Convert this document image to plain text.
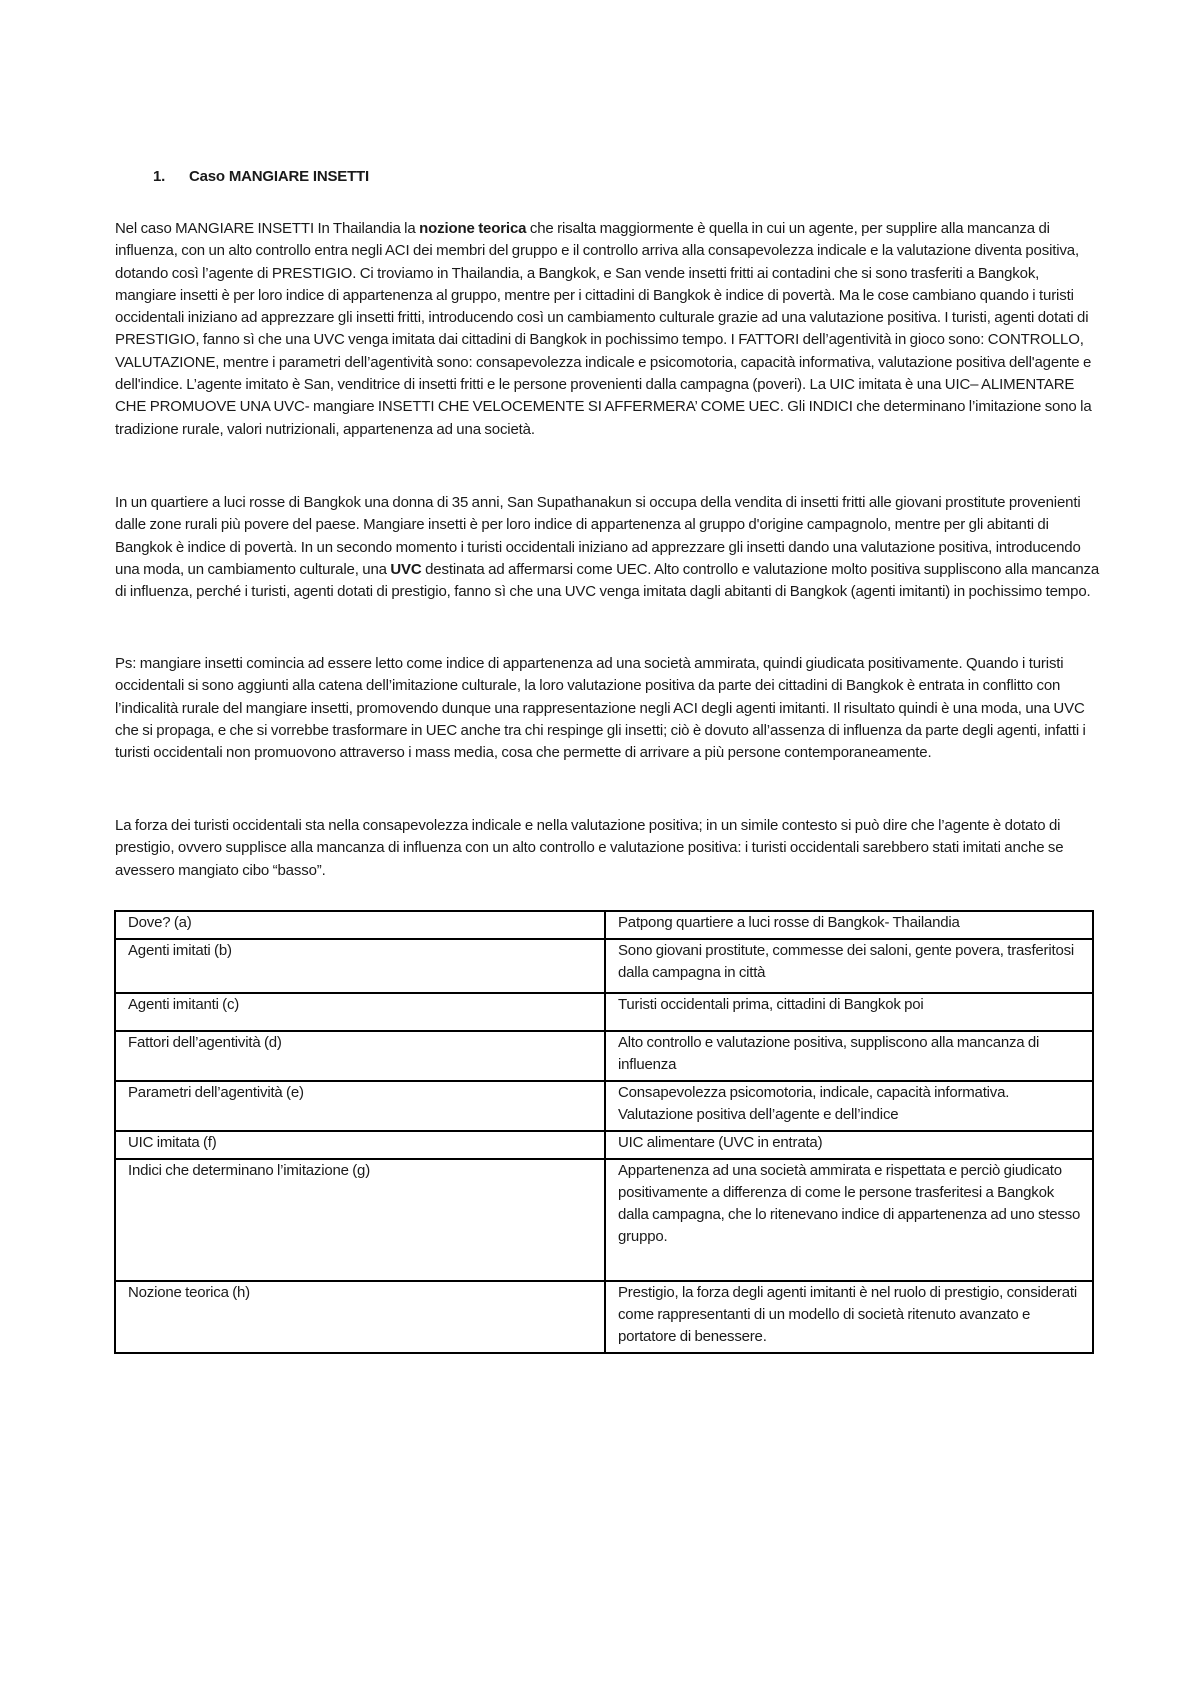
1. Caso MANGIARE INSETTI

Nel caso MANGIARE INSETTI In Thailandia la nozione teorica che risalta maggiormente è quella in cui un agente, per supplire alla mancanza di influenza, con un alto controllo entra negli ACI dei membri del gruppo e il controllo arriva alla consapevolezza indicale e la valutazione diventa positiva, dotando così l’agente di PRESTIGIO. Ci troviamo in Thailandia, a Bangkok, e San vende insetti fritti ai contadini che si sono trasferiti a Bangkok, mangiare insetti è per loro indice di appartenenza al gruppo, mentre per i cittadini di Bangkok è indice di povertà. Ma le cose cambiano quando i turisti occidentali iniziano ad apprezzare gli insetti fritti, introducendo così un cambiamento culturale grazie ad una valutazione positiva. I turisti, agenti dotati di PRESTIGIO, fanno sì che una UVC venga imitata dai cittadini di Bangkok in pochissimo tempo. I FATTORI dell’agentività in gioco sono: CONTROLLO, VALUTAZIONE, mentre i parametri dell’agentività sono: consapevolezza indicale e psicomotoria, capacità informativa, valutazione positiva dell'agente e dell'indice. L’agente imitato è San, venditrice di insetti fritti e le persone provenienti dalla campagna (poveri). La UIC imitata è una UIC– ALIMENTARE CHE PROMUOVE UNA UVC- mangiare INSETTI CHE VELOCEMENTE SI AFFERMERA’ COME UEC. Gli INDICI che determinano l’imitazione sono la tradizione rurale, valori nutrizionali, appartenenza ad una società.

In un quartiere a luci rosse di Bangkok una donna di 35 anni, San Supathanakun si occupa della vendita di insetti fritti alle giovani prostitute provenienti dalle zone rurali più povere del paese. Mangiare insetti è per loro indice di appartenenza al gruppo d'origine campagnolo, mentre per gli abitanti di Bangkok è indice di povertà. In un secondo momento i turisti occidentali iniziano ad apprezzare gli insetti dando una valutazione positiva, introducendo una moda, un cambiamento culturale, una UVC destinata ad affermarsi come UEC. Alto controllo e valutazione molto positiva suppliscono alla mancanza di influenza, perché i turisti, agenti dotati di prestigio, fanno sì che una UVC venga imitata dagli abitanti di Bangkok (agenti imitanti) in pochissimo tempo.

Ps: mangiare insetti comincia ad essere letto come indice di appartenenza ad una società ammirata, quindi giudicata positivamente. Quando i turisti occidentali si sono aggiunti alla catena dell’imitazione culturale, la loro valutazione positiva da parte dei cittadini di Bangkok è entrata in conflitto con l’indicalità rurale del mangiare insetti, promovendo dunque una rappresentazione negli ACI degli agenti imitanti. Il risultato quindi è una moda, una UVC che si propaga, e che si vorrebbe trasformare in UEC anche tra chi respinge gli insetti; ciò è dovuto all’assenza di influenza da parte degli agenti, infatti i turisti occidentali non promuovono attraverso i mass media, cosa che permette di arrivare a più persone contemporaneamente.

La forza dei turisti occidentali sta nella consapevolezza indicale e nella valutazione positiva; in un simile contesto si può dire che l’agente è dotato di prestigio, ovvero supplisce alla mancanza di influenza con un alto controllo e valutazione positiva: i turisti occidentali sarebbero stati imitati anche se avessero mangiato cibo “basso”.

Dove? (a)	Patpong quartiere a luci rosse di Bangkok- Thailandia
Agenti imitati (b)	Sono giovani prostitute, commesse dei saloni, gente povera, trasferitosi dalla campagna in città
Agenti imitanti (c)	Turisti occidentali prima, cittadini di Bangkok poi
Fattori dell’agentività (d)	Alto controllo e valutazione positiva, suppliscono alla mancanza di influenza
Parametri dell’agentività (e)	Consapevolezza psicomotoria, indicale, capacità informativa. Valutazione positiva dell’agente e dell’indice
UIC imitata (f)	UIC alimentare (UVC in entrata)
Indici che determinano l’imitazione (g)	Appartenenza ad una società ammirata e rispettata e perciò giudicato positivamente a differenza di come le persone trasferitesi a Bangkok dalla campagna, che lo ritenevano indice di appartenenza ad uno stesso gruppo.
Nozione teorica (h)	Prestigio, la forza degli agenti imitanti è nel ruolo di prestigio, considerati come rappresentanti di un modello di società ritenuto avanzato e portatore di benessere.
